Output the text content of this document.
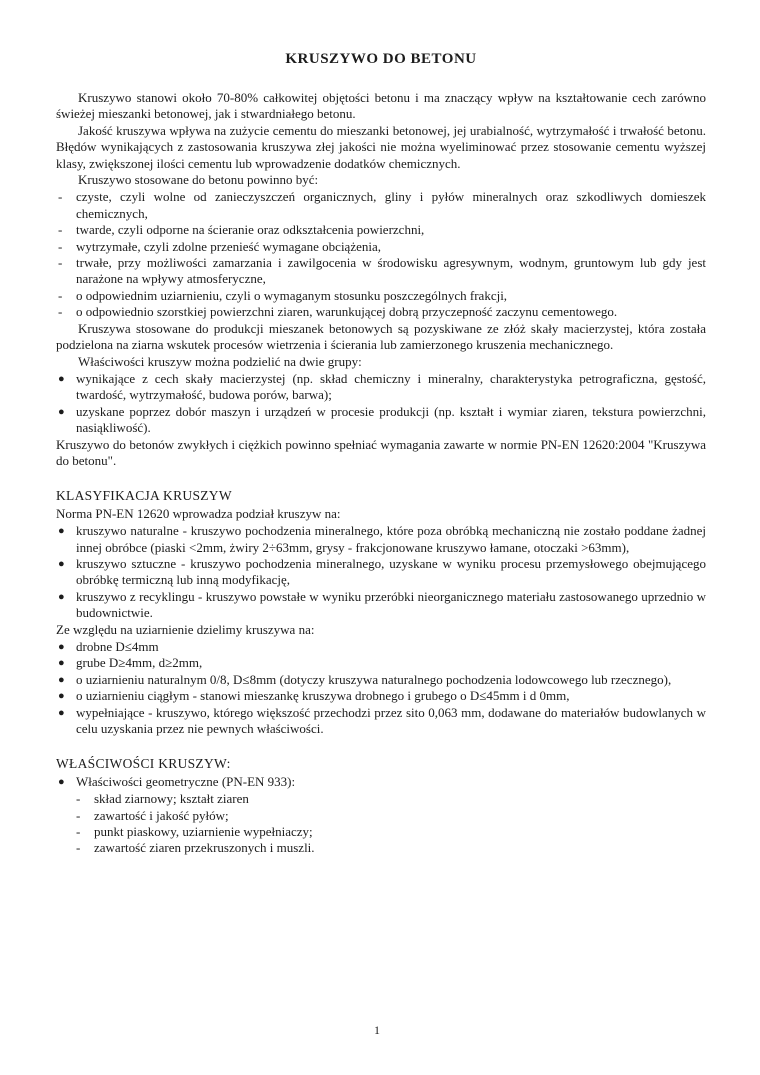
KRUSZYWO DO BETONU

Kruszywo stanowi około 70-80% całkowitej objętości betonu i ma znaczący wpływ na kształtowanie cech zarówno świeżej mieszanki betonowej, jak i stwardniałego betonu.

Jakość kruszywa wpływa na zużycie cementu do mieszanki betonowej, jej urabialność, wytrzymałość i trwałość betonu. Błędów wynikających z zastosowania kruszywa złej jakości nie można wyeliminować przez stosowanie cementu wyższej klasy, zwiększonej ilości cementu lub wprowadzenie dodatków chemicznych.

Kruszywo stosowane do betonu powinno być:

-	czyste, czyli wolne od zanieczyszczeń organicznych, gliny i pyłów mineralnych oraz szkodliwych domieszek chemicznych,
-	twarde, czyli odporne na ścieranie oraz odkształcenia powierzchni,
-	wytrzymałe, czyli zdolne przenieść wymagane obciążenia,
-	trwałe, przy możliwości zamarzania i zawilgocenia w środowisku agresywnym, wodnym, gruntowym lub gdy jest narażone na wpływy atmosferyczne,
-	o odpowiednim uziarnieniu, czyli o wymaganym stosunku poszczególnych frakcji,
-	o odpowiednio szorstkiej powierzchni ziaren, warunkującej dobrą przyczepność zaczynu cementowego.

Kruszywa stosowane do produkcji mieszanek betonowych są pozyskiwane ze złóż skały macierzystej, która została podzielona na ziarna wskutek procesów wietrzenia i ścierania lub zamierzonego kruszenia mechanicznego.

Właściwości kruszyw można podzielić na dwie grupy:

● wynikające z cech skały macierzystej (np. skład chemiczny i mineralny, charakterystyka petrograficzna, gęstość, twardość, wytrzymałość, budowa porów, barwa);
● uzyskane poprzez dobór maszyn i urządzeń w procesie produkcji (np. kształt i wymiar ziaren, tekstura powierzchni, nasiąkliwość).

Kruszywo do betonów zwykłych i ciężkich powinno spełniać wymagania zawarte w normie PN-EN 12620:2004 "Kruszywa do betonu".

KLASYFIKACJA KRUSZYW

Norma PN-EN 12620 wprowadza podział kruszyw na:

● kruszywo naturalne - kruszywo pochodzenia mineralnego, które poza obróbką mechaniczną nie zostało poddane żadnej innej obróbce (piaski <2mm, żwiry 2÷63mm, grysy - frakcjonowane kruszywo łamane, otoczaki >63mm),
● kruszywo sztuczne - kruszywo pochodzenia mineralnego, uzyskane w wyniku procesu przemysłowego obejmującego obróbkę termiczną lub inną modyfikację,
● kruszywo z recyklingu - kruszywo powstałe w wyniku przeróbki nieorganicznego materiału zastosowanego uprzednio w budownictwie.

Ze względu na uziarnienie dzielimy kruszywa na:

● drobne D≤4mm
● grube D≥4mm, d≥2mm,
● o uziarnieniu naturalnym 0/8, D≤8mm (dotyczy kruszywa naturalnego pochodzenia lodowcowego lub rzecznego),
● o uziarnieniu ciągłym - stanowi mieszankę kruszywa drobnego i grubego o D≤45mm i d 0mm,
● wypełniające - kruszywo, którego większość przechodzi przez sito 0,063 mm, dodawane do materiałów budowlanych w celu uzyskania przez nie pewnych właściwości.
WŁAŚCIWOŚCI KRUSZYW:
● Właściwości geometryczne (PN-EN 933):
-	skład ziarnowy; kształt ziaren
-	zawartość i jakość pyłów;
-	punkt piaskowy, uziarnienie wypełniaczy;
-	zawartość ziaren przekruszonych i muszli.
1
